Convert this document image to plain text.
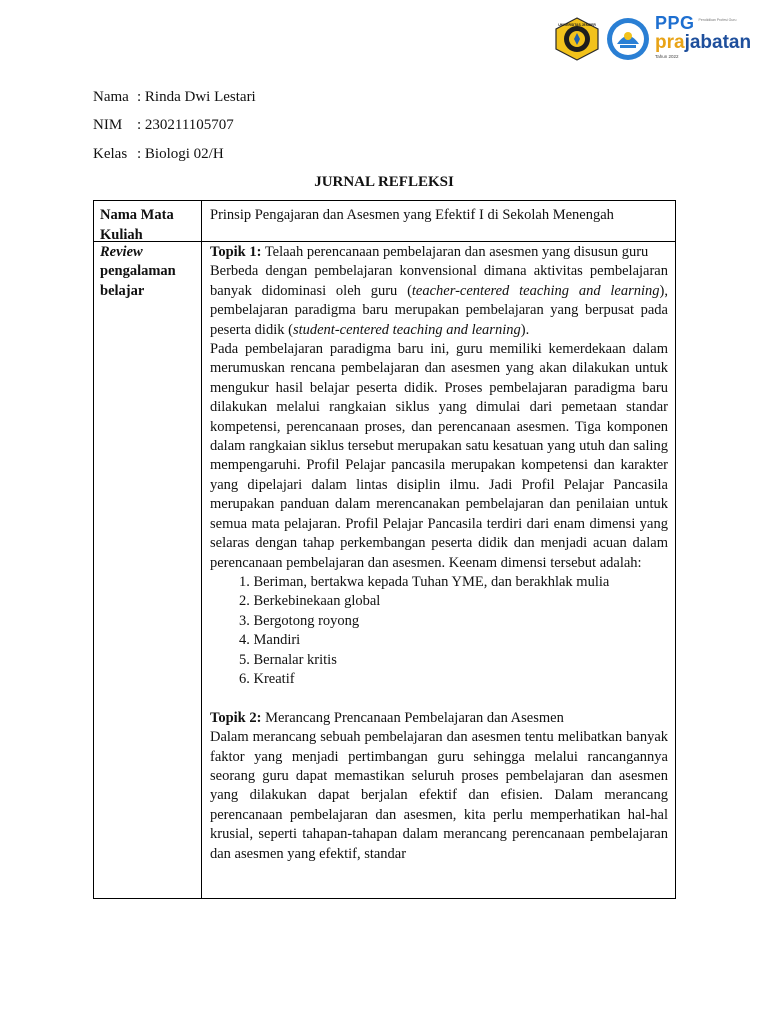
UNIVERSITAS JEMBER	PPG Pendidikan Profesi Guru
prajabatan
Tahun 2022
Nama : Rinda Dwi Lestari
NIM : 230211105707
Kelas : Biologi 02/H
JURNAL REFLEKSI
Nama Mata Kuliah
Prinsip Pengajaran dan Asesmen yang Efektif I di Sekolah Menengah
Review
pengalaman belajar
Topik 1: Telaah perencanaan pembelajaran dan asesmen yang disusun guru
Berbeda dengan pembelajaran konvensional dimana aktivitas pembelajaran banyak didominasi oleh guru (teacher-centered teaching and learning), pembelajaran paradigma baru merupakan pembelajaran yang berpusat pada peserta didik (student-centered teaching and learning).
Pada pembelajaran paradigma baru ini, guru memiliki kemerdekaan dalam merumuskan rencana pembelajaran dan asesmen yang akan dilakukan untuk mengukur hasil belajar peserta didik. Proses pembelajaran paradigma baru dilakukan melalui rangkaian siklus yang dimulai dari pemetaan standar kompetensi, perencanaan proses, dan perencanaan asesmen. Tiga komponen dalam rangkaian siklus tersebut merupakan satu kesatuan yang utuh dan saling mempengaruhi. Profil Pelajar pancasila merupakan kompetensi dan karakter yang dipelajari dalam lintas disiplin ilmu. Jadi Profil Pelajar Pancasila merupakan panduan dalam merencanakan pembelajaran dan penilaian untuk semua mata pelajaran. Profil Pelajar Pancasila terdiri dari enam dimensi yang selaras dengan tahap perkembangan peserta didik dan menjadi acuan dalam perencanaan pembelajaran dan asesmen. Keenam dimensi tersebut adalah:
1. Beriman, bertakwa kepada Tuhan YME, dan berakhlak mulia
2. Berkebinekaan global
3. Bergotong royong
4. Mandiri
5. Bernalar kritis
6. Kreatif
Topik 2: Merancang Prencanaan Pembelajaran dan Asesmen
Dalam merancang sebuah pembelajaran dan asesmen tentu melibatkan banyak faktor yang menjadi pertimbangan guru sehingga melalui rancangannya seorang guru dapat memastikan seluruh proses pembelajaran dan asesmen yang dilakukan dapat berjalan efektif dan efisien. Dalam merancang perencanaan pembelajaran dan asesmen, kita perlu memperhatikan hal-hal krusial, seperti tahapan-tahapan dalam merancang perencanaan pembelajaran dan asesmen yang efektif, standar
